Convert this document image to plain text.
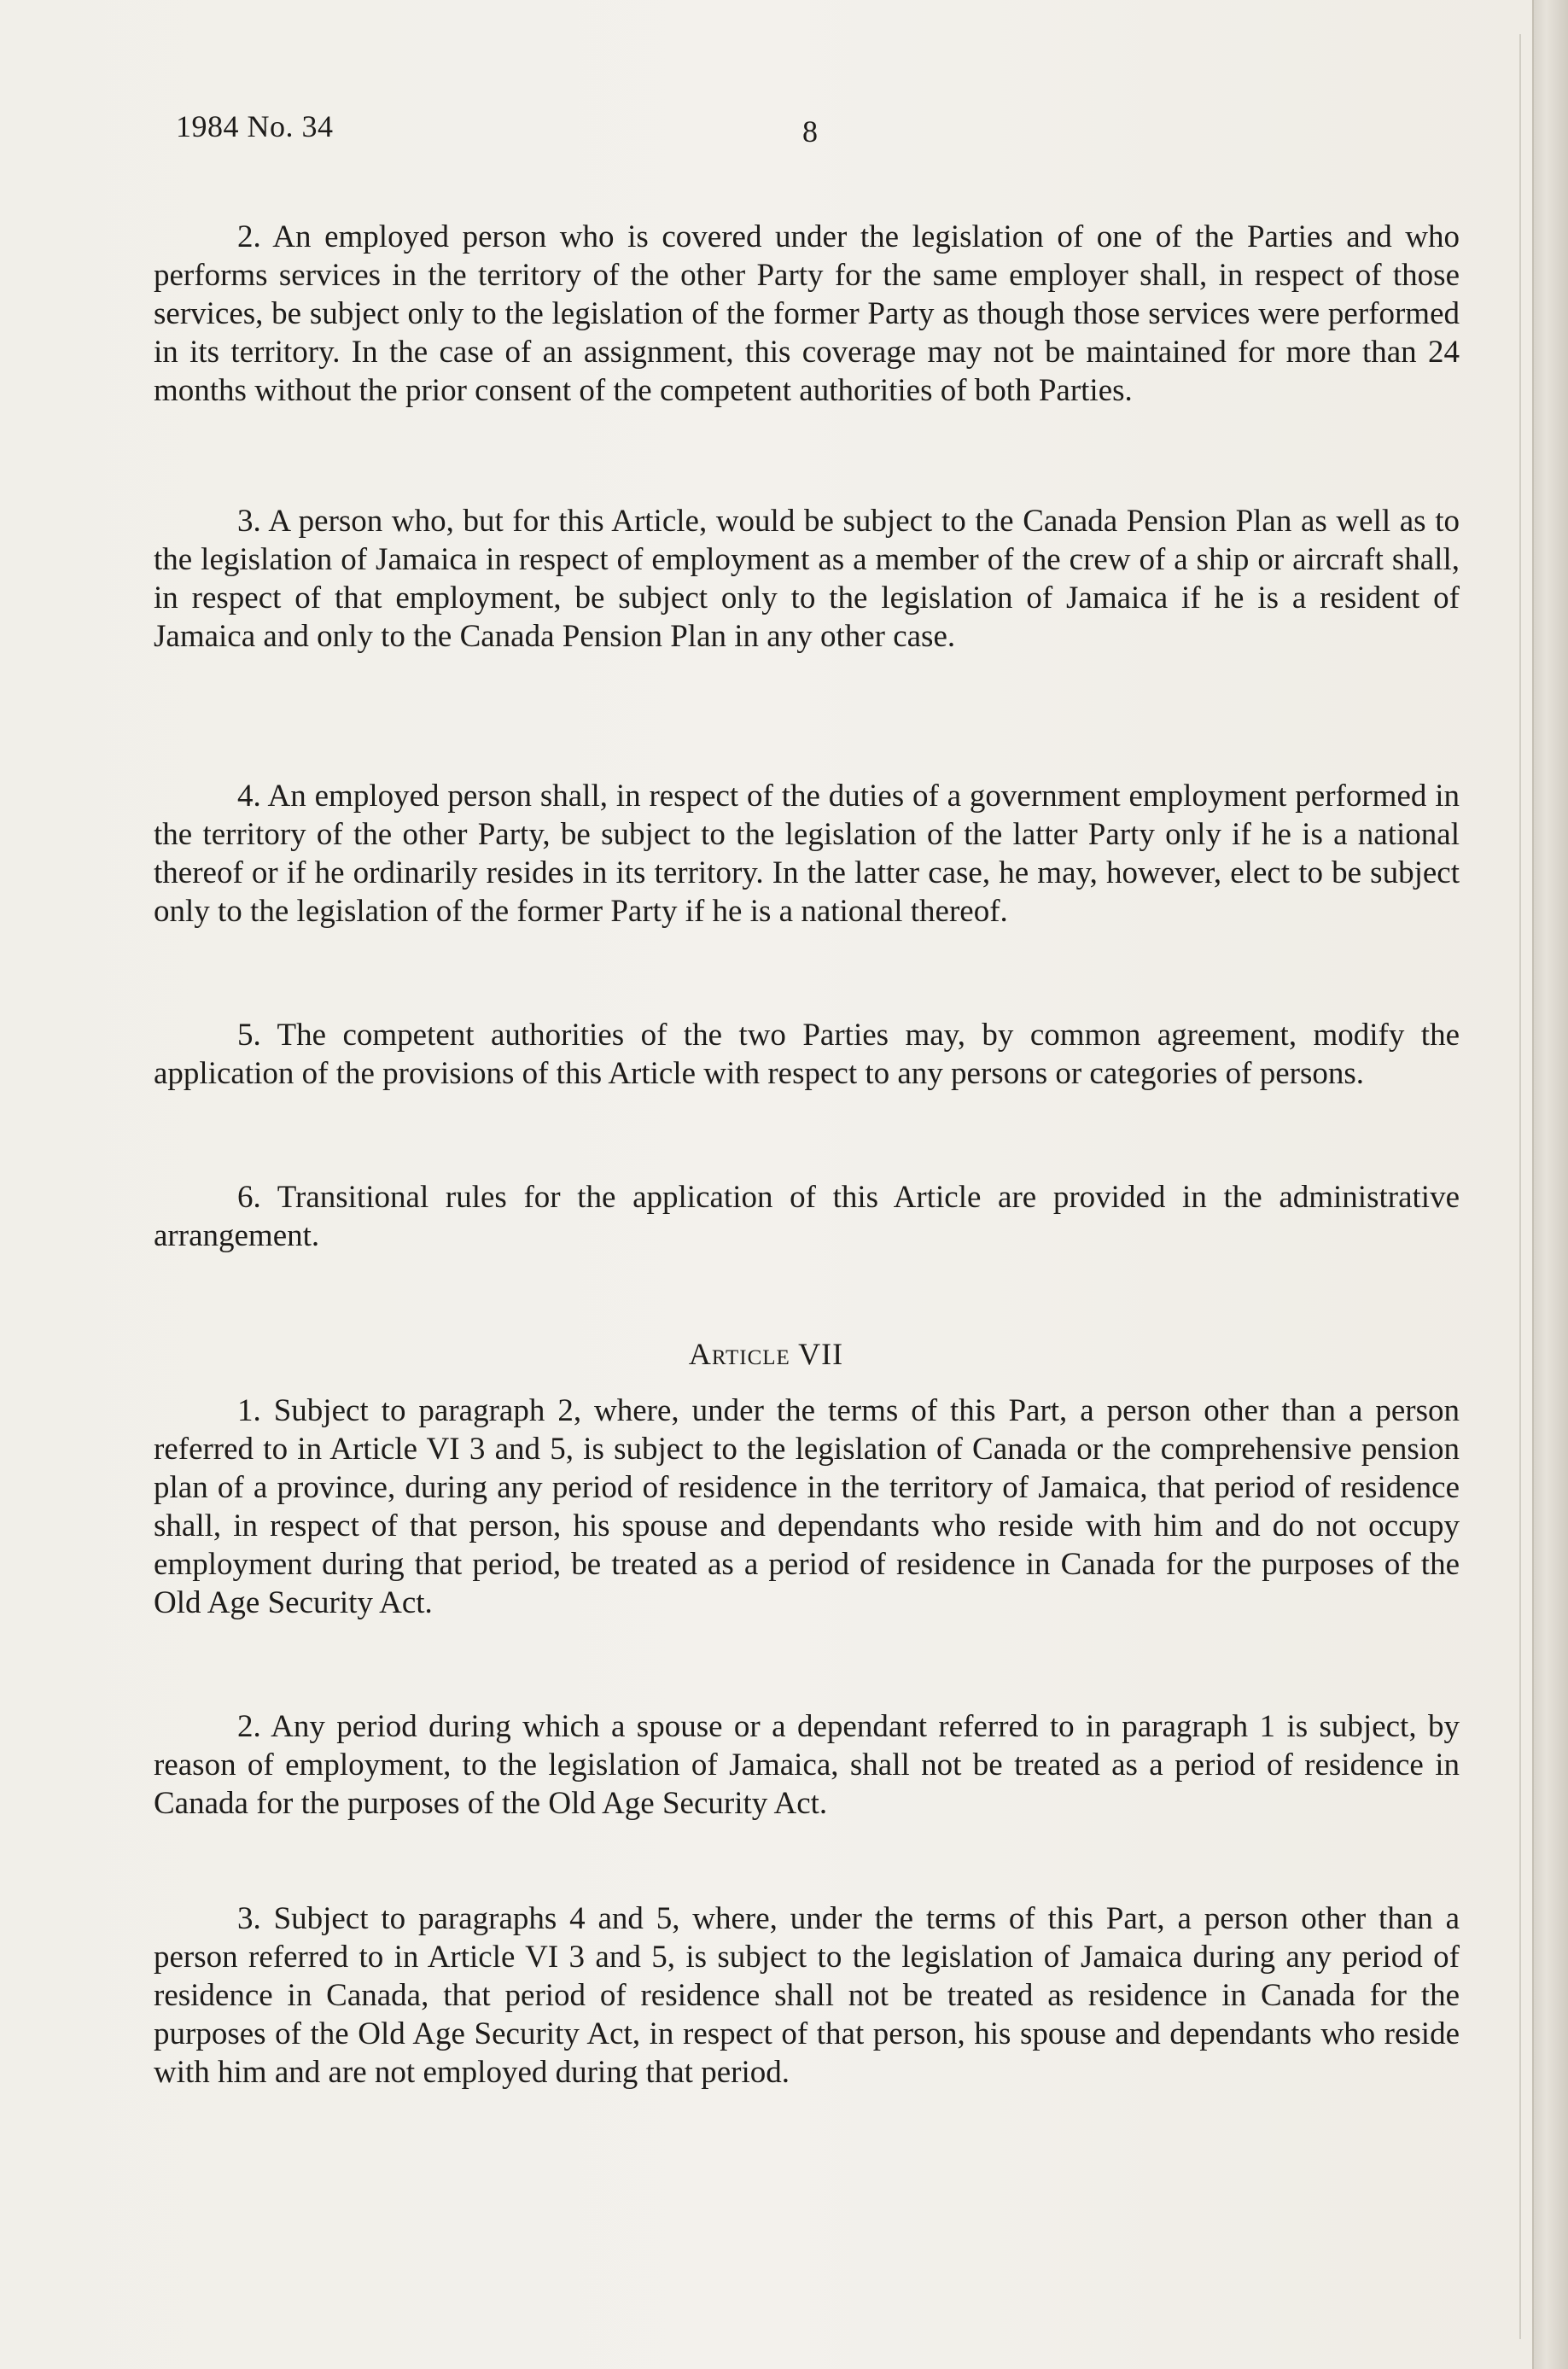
1984 No. 34	8

2. An employed person who is covered under the legislation of one of the Parties and who performs services in the territory of the other Party for the same employer shall, in respect of those services, be subject only to the legislation of the former Party as though those services were performed in its territory. In the case of an assignment, this coverage may not be maintained for more than 24 months without the prior consent of the competent authorities of both Parties.

3. A person who, but for this Article, would be subject to the Canada Pension Plan as well as to the legislation of Jamaica in respect of employment as a member of the crew of a ship or aircraft shall, in respect of that employment, be subject only to the legislation of Jamaica if he is a resident of Jamaica and only to the Canada Pension Plan in any other case.

4. An employed person shall, in respect of the duties of a government employment performed in the territory of the other Party, be subject to the legislation of the latter Party only if he is a national thereof or if he ordinarily resides in its territory. In the latter case, he may, however, elect to be subject only to the legislation of the former Party if he is a national thereof.

5. The competent authorities of the two Parties may, by common agreement, modify the application of the provisions of this Article with respect to any persons or categories of persons.

6. Transitional rules for the application of this Article are provided in the administrative arrangement.

Article VII

1. Subject to paragraph 2, where, under the terms of this Part, a person other than a person referred to in Article VI 3 and 5, is subject to the legislation of Canada or the comprehensive pension plan of a province, during any period of residence in the territory of Jamaica, that period of residence shall, in respect of that person, his spouse and dependants who reside with him and do not occupy employment during that period, be treated as a period of residence in Canada for the purposes of the Old Age Security Act.

2. Any period during which a spouse or a dependant referred to in paragraph 1 is subject, by reason of employment, to the legislation of Jamaica, shall not be treated as a period of residence in Canada for the purposes of the Old Age Security Act.

3. Subject to paragraphs 4 and 5, where, under the terms of this Part, a person other than a person referred to in Article VI 3 and 5, is subject to the legislation of Jamaica during any period of residence in Canada, that period of residence shall not be treated as residence in Canada for the purposes of the Old Age Security Act, in respect of that person, his spouse and dependants who reside with him and are not employed during that period.
